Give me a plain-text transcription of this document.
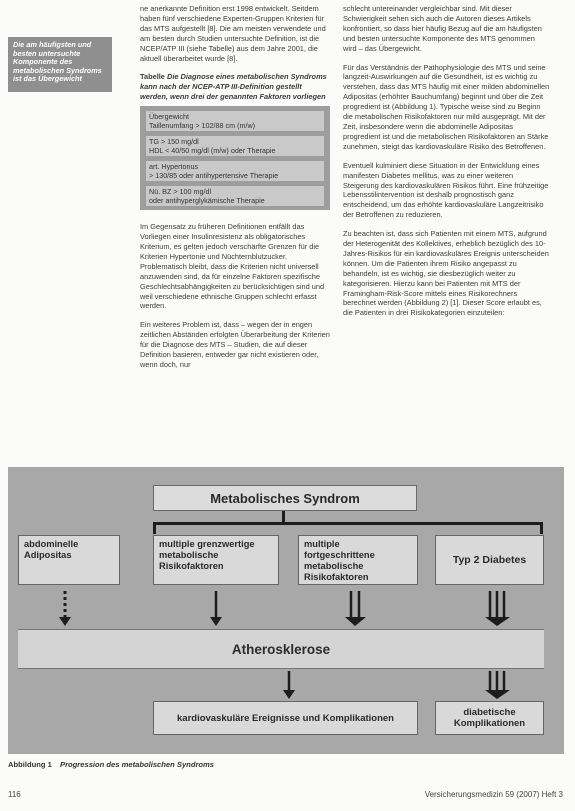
Die am häufigsten und besten untersuchte Komponente des metabolischen Syndroms ist das Übergewicht

ne anerkannte Definition erst 1998 entwickelt. Seitdem haben fünf verschiedene Experten-Gruppen Kriterien für das MTS aufgestellt [8]. Die am meisten verwendete und am besten durch Studien untersuchte Definition, ist die NCEP/ATP III (siehe Tabelle) aus dem Jahre 2001, die aktuell überarbeitet wurde [8].

Tabelle Die Diagnose eines metabolischen Syndroms kann nach der NCEP-ATP III-Definition gestellt werden, wenn drei der genannten Faktoren vorliegen
Übergewicht
Taillenumfang > 102/88 cm (m/w)
TG > 150 mg/dl
HDL < 40/50 mg/dl (m/w) oder Therapie
art. Hypertonus
> 130/85 oder antihypertensive Therapie
Nü. BZ > 100 mg/dl
oder antihyperglykämische Therapie

Im Gegensatz zu früheren Definitionen entfällt das Vorliegen einer Insulinresistenz als obligatorisches Kriterium, es gelten jedoch verschärfte Grenzen für die Kriterien Hypertonie und Nüchternblutzucker. Problematisch bleibt, dass die Kriterien nicht universell anzuwenden sind, da für einzelne Faktoren spezifische Geschlechtsabhängigkeiten zu berücksichtigen sind und weil verschiedene ethnische Gruppen schlecht erfasst werden.

Ein weiteres Problem ist, dass – wegen der in engen zeitlichen Abständen erfolgten Überarbeitung der Kriterien für die Diagnose des MTS – Studien, die auf dieser Definition basieren, entweder gar nicht existieren oder, wenn doch, nur

schlecht untereinander vergleichbar sind. Mit dieser Schwierigkeit sehen sich auch die Autoren dieses Artikels konfrontiert, so dass hier häufig Bezug auf die am häufigsten und besten untersuchte Komponente des MTS genommen wird – das Übergewicht.

Für das Verständnis der Pathophysiologie des MTS und seine langzeit-Auswirkungen auf die Gesundheit, ist es wichtig zu verstehen, dass das MTS häufig mit einer milden abdominellen Adipositas (erhöhter Bauchumfang) beginnt und über die Zeit progredient ist (Abbildung 1). Typische weise sind zu Beginn die metabolischen Risikofaktoren nur mild ausgeprägt. Mit der Zeit, insbesondere wenn die abdominelle Adipositas progredient ist und die metabolischen Risikofaktoren an Stärke zunehmen, steigt das kardiovaskuläre Risiko des Betroffenen.

Eventuell kulminiert diese Situation in der Entwicklung eines manifesten Diabetes mellitus, was zu einer weiteren Steigerung des kardiovaskulären Risikos führt. Eine frühzeitige Lebensstilintervention ist deshalb prognostisch ganz entscheidend, um das erhöhte kardiovaskuläre Langzeitrisiko der Betroffenen zu reduzieren.

Zu beachten ist, dass sich Patienten mit einem MTS, aufgrund der Heterogenität des Kollektives, erheblich bezüglich des 10-Jahres-Risikos für ein kardiovaskuläres Ereignis unterscheiden können. Um die Patienten ihrem Risiko angepasst zu behandeln, ist es wichtig, sie diesbezüglich weiter zu kategorisieren. Hierzu kann bei Patienten mit MTS der Framingham-Risk-Score mittels eines Risikorechners berechnet werden (Abbildung 2) [1]. Dieser Score erlaubt es, die Patienten in drei Risikokategorien einzuteilen:

Metabolisches Syndrom
abdominelle Adipositas
multiple grenzwertige metabolische Risikofaktoren
multiple fortgeschrittene metabolische Risikofaktoren
Typ 2 Diabetes
Atherosklerose
kardiovaskuläre Ereignisse und Komplikationen	diabetische Komplikationen
Abbildung 1 Progression des metabolischen Syndroms
116	Versicherungsmedizin 59 (2007) Heft 3
